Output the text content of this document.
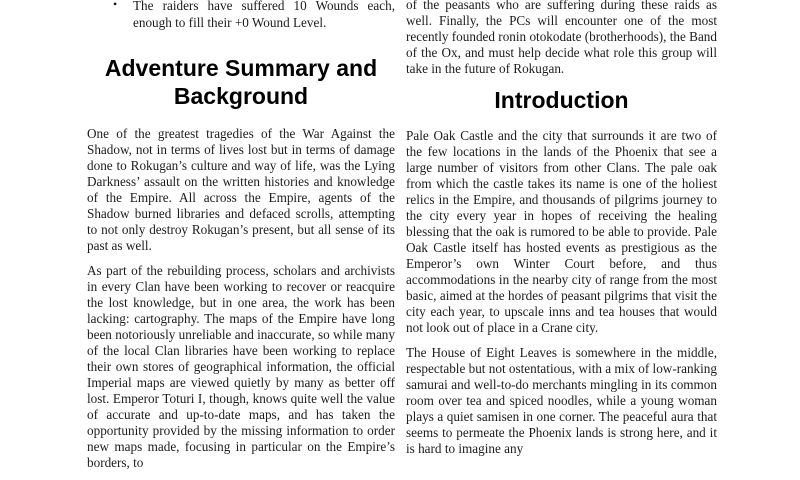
• The raiders have suffered 10 Wounds each, enough to fill their +0 Wound Level.
Adventure Summary and Background

One of the greatest tragedies of the War Against the Shadow, not in terms of lives lost but in terms of damage done to Rokugan’s culture and way of life, was the Lying Darkness’ assault on the written histories and knowledge of the Empire. All across the Empire, agents of the Shadow burned libraries and defaced scrolls, attempting to not only destroy Rokugan’s present, but all sense of its past as well.

As part of the rebuilding process, scholars and archivists in every Clan have been working to recover or reacquire the lost knowledge, but in one area, the work has been lacking: cartography. The maps of the Empire have long been notoriously unreliable and inaccurate, so while many of the local Clan libraries have been working to replace their own stores of geographical information, the official Imperial maps are viewed quietly by many as better off lost. Emperor Toturi I, though, knows quite well the value of accurate and up-to-date maps, and has taken the opportunity provided by the missing information to order new maps made, focusing in particular on the Empire’s borders, to

of the peasants who are suffering during these raids as well. Finally, the PCs will encounter one of the most recently founded ronin otokodate (brotherhoods), the Band of the Ox, and must help decide what role this group will take in the future of Rokugan.

Introduction

Pale Oak Castle and the city that surrounds it are two of the few locations in the lands of the Phoenix that see a large number of visitors from other Clans. The pale oak from which the castle takes its name is one of the holiest relics in the Empire, and thousands of pilgrims journey to the city every year in hopes of receiving the healing blessing that the oak is rumored to be able to provide. Pale Oak Castle itself has hosted events as prestigious as the Emperor’s own Winter Court before, and thus accommodations in the nearby city of range from the most basic, aimed at the hordes of peasant pilgrims that visit the city each year, to upscale inns and tea houses that would not look out of place in a Crane city.

The House of Eight Leaves is somewhere in the middle, respectable but not ostentatious, with a mix of low-ranking samurai and well-to-do merchants mingling in its common room over tea and spiced noodles, while a young woman plays a quiet samisen in one corner. The peaceful aura that seems to permeate the Phoenix lands is strong here, and it is hard to imagine any
